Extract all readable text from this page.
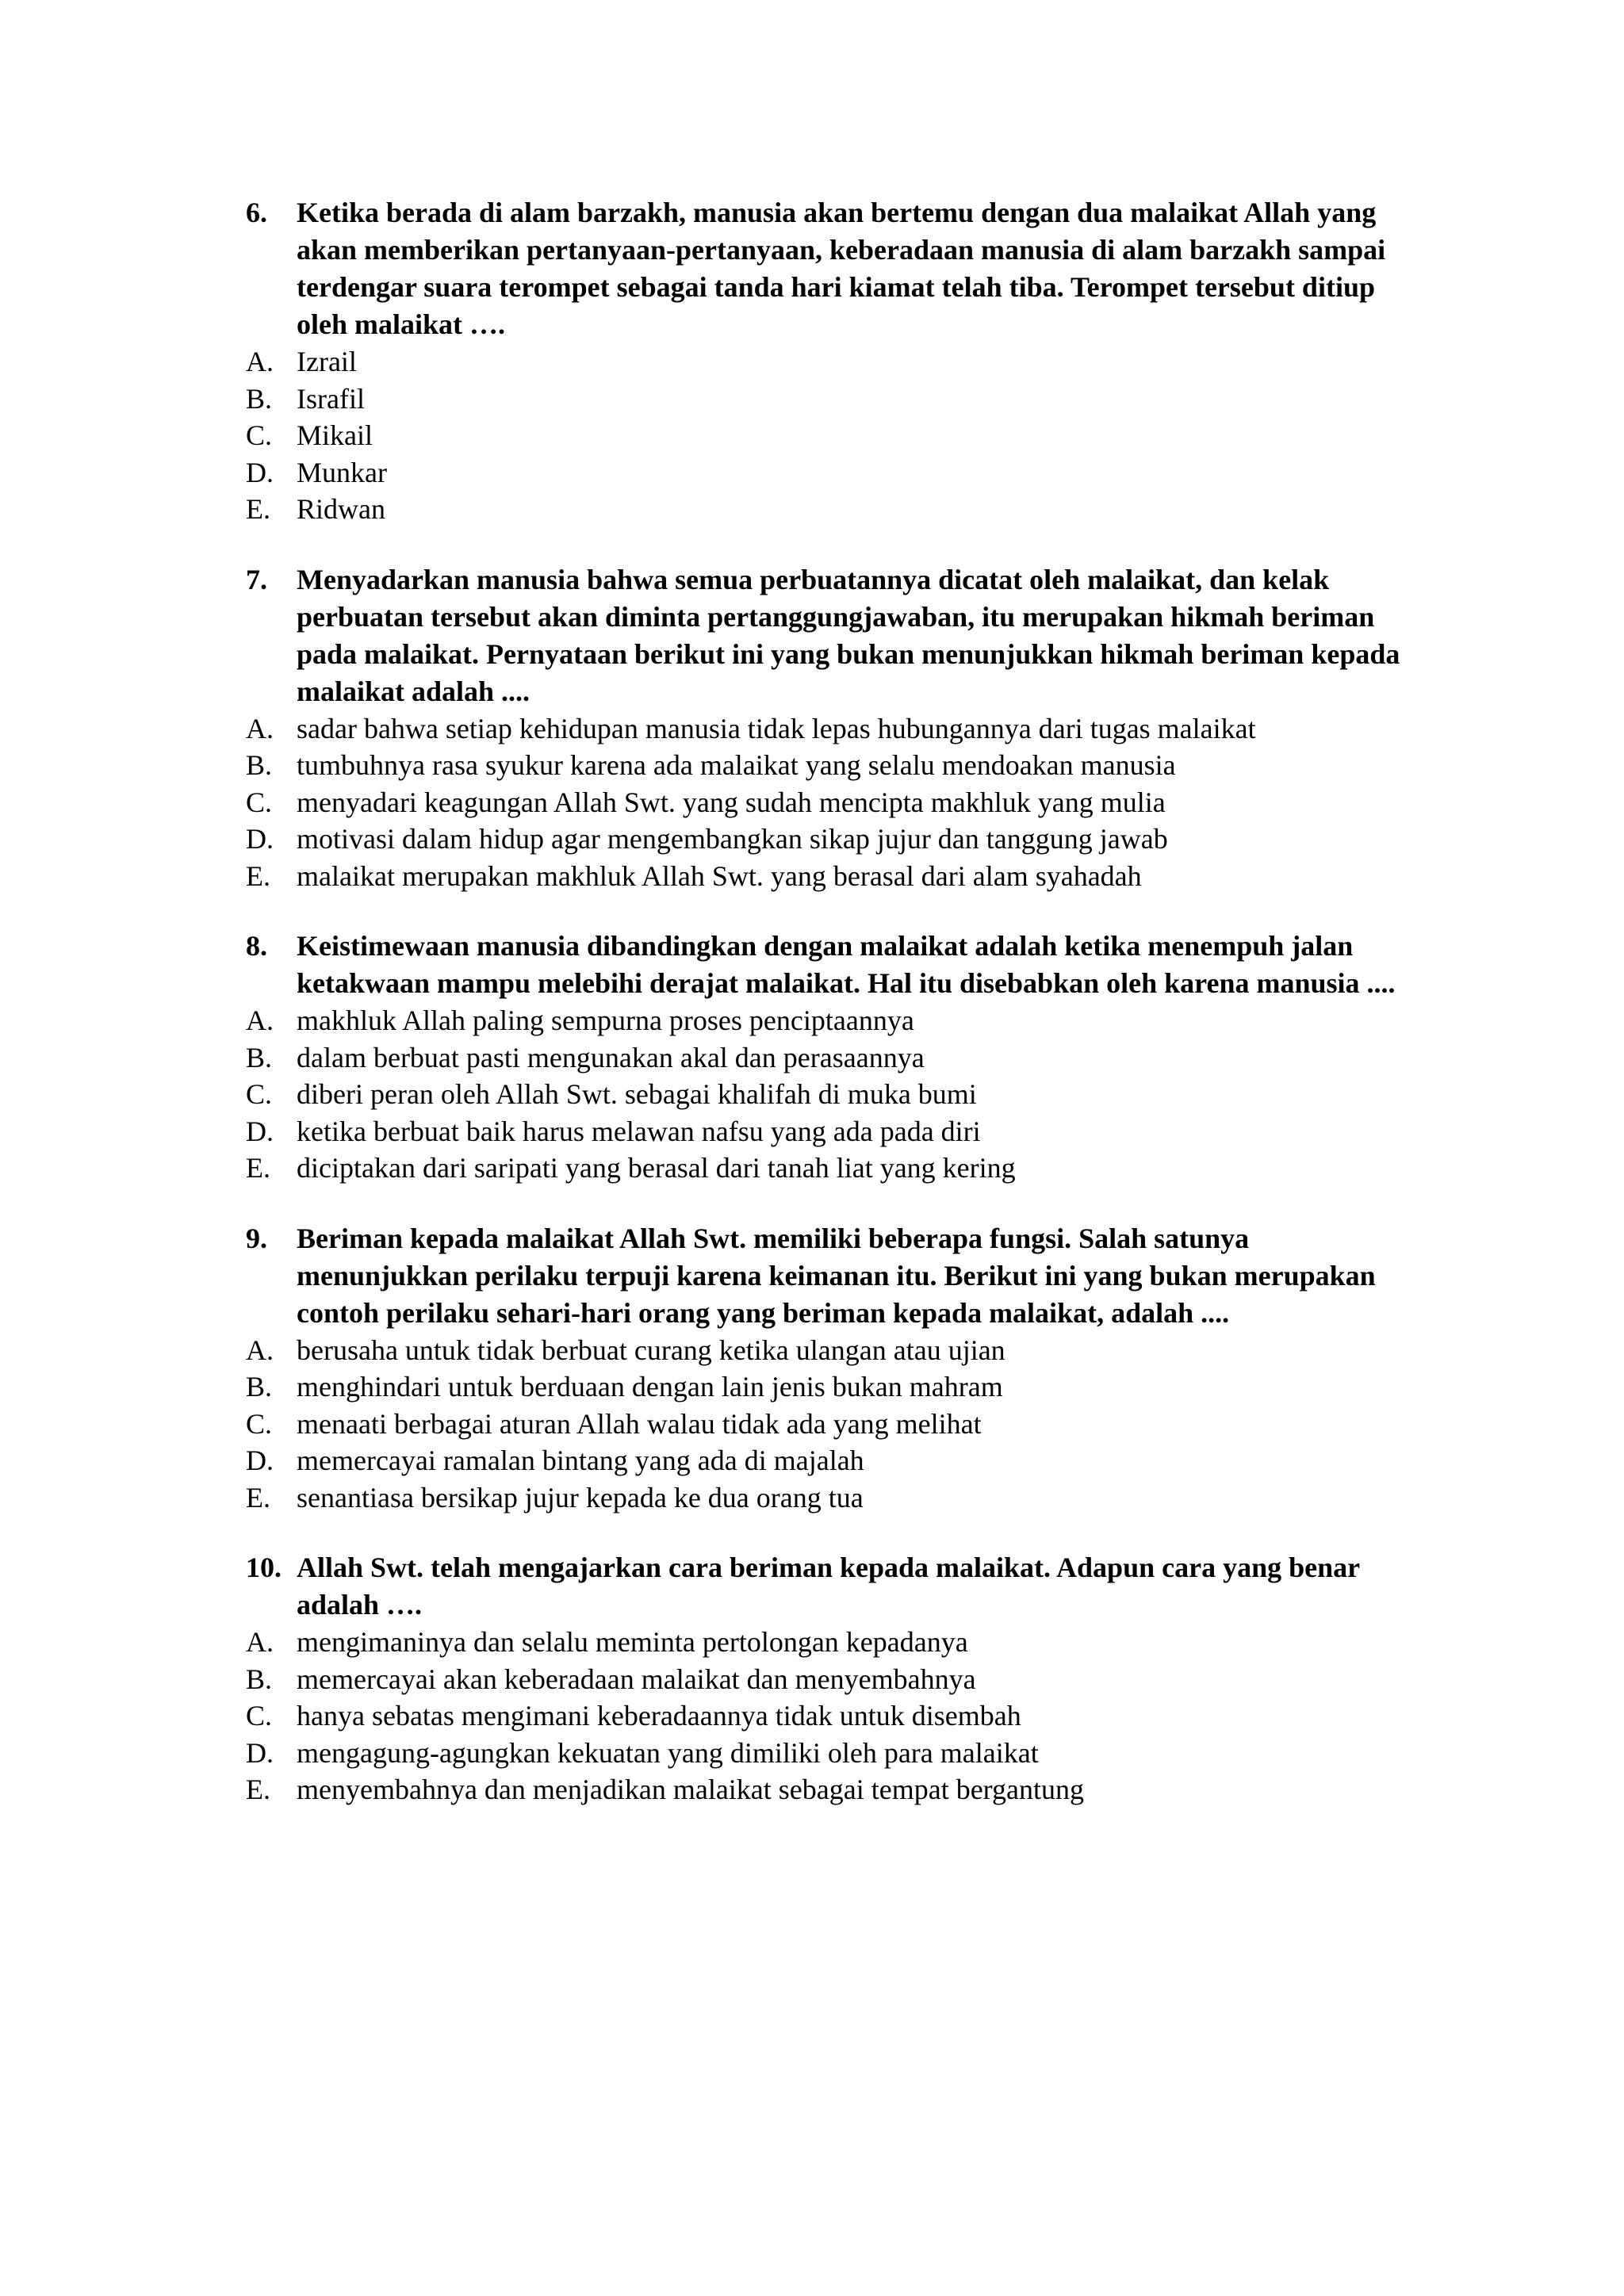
6.	Ketika berada di alam barzakh, manusia akan bertemu dengan dua malaikat Allah yang akan memberikan pertanyaan-pertanyaan, keberadaan manusia di alam barzakh sampai terdengar suara terompet sebagai tanda hari kiamat telah tiba. Terompet tersebut ditiup oleh malaikat ….
A. Izrail
B. Israfil
C. Mikail
D. Munkar
E. Ridwan
7.	Menyadarkan manusia bahwa semua perbuatannya dicatat oleh malaikat, dan kelak perbuatan tersebut akan diminta pertanggungjawaban, itu merupakan hikmah beriman pada malaikat. Pernyataan berikut ini yang bukan menunjukkan hikmah beriman kepada malaikat adalah ....
A. sadar bahwa setiap kehidupan manusia tidak lepas hubungannya dari tugas malaikat
B. tumbuhnya rasa syukur karena ada malaikat yang selalu mendoakan manusia
C. menyadari keagungan Allah Swt. yang sudah mencipta makhluk yang mulia
D. motivasi dalam hidup agar mengembangkan sikap jujur dan tanggung jawab
E. malaikat merupakan makhluk Allah Swt. yang berasal dari alam syahadah
8.	Keistimewaan manusia dibandingkan dengan malaikat adalah ketika menempuh jalan ketakwaan mampu melebihi derajat malaikat. Hal itu disebabkan oleh karena manusia ....
A. makhluk Allah paling sempurna proses penciptaannya
B. dalam berbuat pasti mengunakan akal dan perasaannya
C. diberi peran oleh Allah Swt. sebagai khalifah di muka bumi
D. ketika berbuat baik harus melawan nafsu yang ada pada diri
E. diciptakan dari saripati yang berasal dari tanah liat yang kering
9.	Beriman kepada malaikat Allah Swt. memiliki beberapa fungsi. Salah satunya menunjukkan perilaku terpuji karena keimanan itu. Berikut ini yang bukan merupakan contoh perilaku sehari-hari orang yang beriman kepada malaikat, adalah ....
A. berusaha untuk tidak berbuat curang ketika ulangan atau ujian
B. menghindari untuk berduaan dengan lain jenis bukan mahram
C. menaati berbagai aturan Allah walau tidak ada yang melihat
D. memercayai ramalan bintang yang ada di majalah
E. senantiasa bersikap jujur kepada ke dua orang tua
10. Allah Swt. telah mengajarkan cara beriman kepada malaikat. Adapun cara yang benar adalah ….
A. mengimaninya dan selalu meminta pertolongan kepadanya
B. memercayai akan keberadaan malaikat dan menyembahnya
C. hanya sebatas mengimani keberadaannya tidak untuk disembah
D. mengagung-agungkan kekuatan yang dimiliki oleh para malaikat
E. menyembahnya dan menjadikan malaikat sebagai tempat bergantung
